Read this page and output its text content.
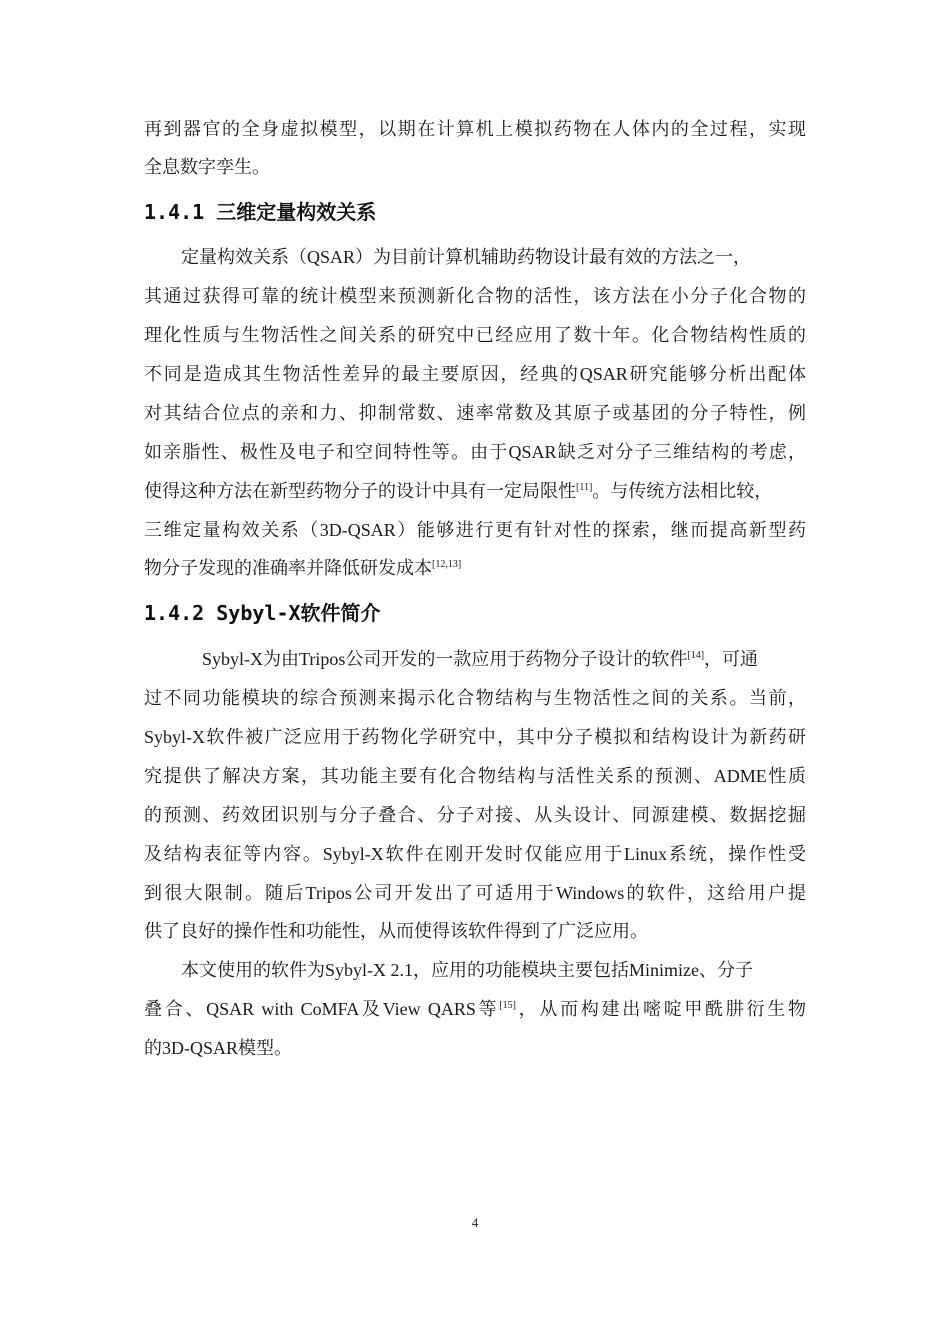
再到器官的全身虚拟模型，以期在计算机上模拟药物在人体内的全过程，实现
全息数字孪生。
1.4.1 三维定量构效关系
定量构效关系（QSAR）为目前计算机辅助药物设计最有效的方法之一，
其通过获得可靠的统计模型来预测新化合物的活性，该方法在小分子化合物的
理化性质与生物活性之间关系的研究中已经应用了数十年。化合物结构性质的
不同是造成其生物活性差异的最主要原因，经典的QSAR研究能够分析出配体
对其结合位点的亲和力、抑制常数、速率常数及其原子或基团的分子特性，例
如亲脂性、极性及电子和空间特性等。由于QSAR缺乏对分子三维结构的考虑，
使得这种方法在新型药物分子的设计中具有一定局限性[11]。与传统方法相比较，
三维定量构效关系（3D-QSAR）能够进行更有针对性的探索，继而提高新型药
物分子发现的准确率并降低研发成本[12,13]
1.4.2 Sybyl-X软件简介
Sybyl-X为由Tripos公司开发的一款应用于药物分子设计的软件[14]，可通
过不同功能模块的综合预测来揭示化合物结构与生物活性之间的关系。当前，
Sybyl-X软件被广泛应用于药物化学研究中，其中分子模拟和结构设计为新药研
究提供了解决方案，其功能主要有化合物结构与活性关系的预测、ADME性质
的预测、药效团识别与分子叠合、分子对接、从头设计、同源建模、数据挖掘
及结构表征等内容。Sybyl-X软件在刚开发时仅能应用于Linux系统，操作性受
到很大限制。随后Tripos公司开发出了可适用于Windows的软件，这给用户提
供了良好的操作性和功能性，从而使得该软件得到了广泛应用。
本文使用的软件为Sybyl-X 2.1，应用的功能模块主要包括Minimize、分子
叠合、QSAR with CoMFA及View QARS等[15]，从而构建出嘧啶甲酰肼衍生物
的3D-QSAR模型。
4
